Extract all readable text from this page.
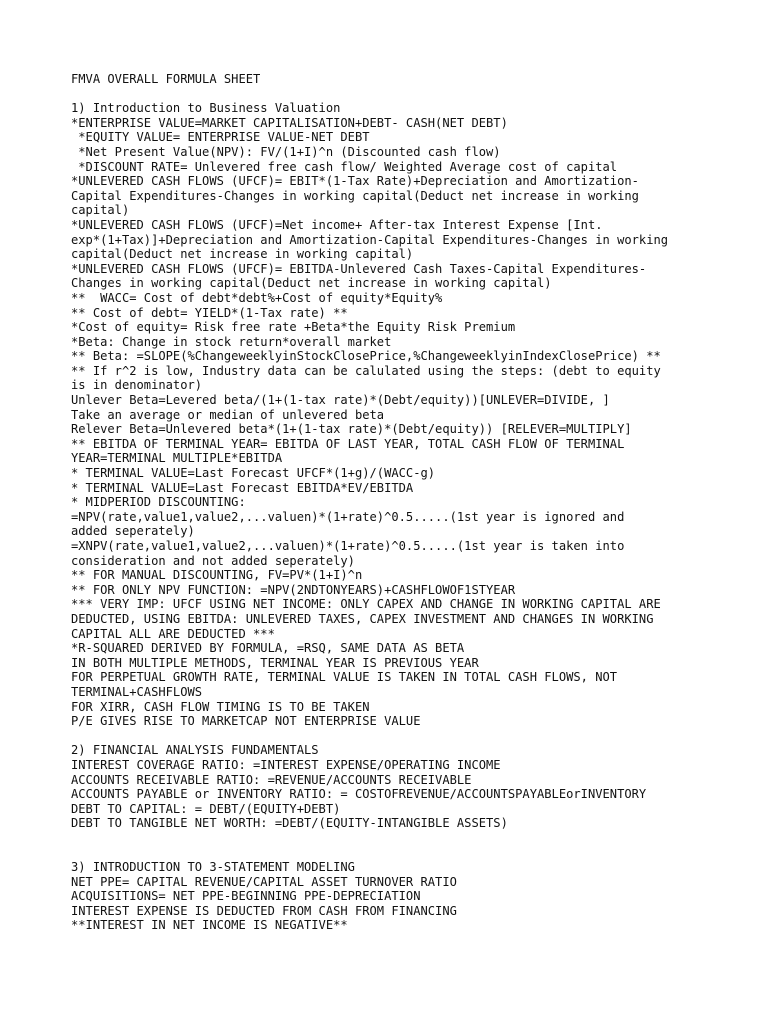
FMVA OVERALL FORMULA SHEET
1) Introduction to Business Valuation
*ENTERPRISE VALUE=MARKET CAPITALISATION+DEBT- CASH(NET DEBT)
*EQUITY VALUE= ENTERPRISE VALUE-NET DEBT
*Net Present Value(NPV): FV/(1+I)^n (Discounted cash flow)
*DISCOUNT RATE= Unlevered free cash flow/ Weighted Average cost of capital
*UNLEVERED CASH FLOWS (UFCF)= EBIT*(1-Tax Rate)+Depreciation and Amortization-
Capital Expenditures-Changes in working capital(Deduct net increase in working
capital)
*UNLEVERED CASH FLOWS (UFCF)=Net income+ After-tax Interest Expense [Int.
exp*(1+Tax)]+Depreciation and Amortization-Capital Expenditures-Changes in working
capital(Deduct net increase in working capital)
*UNLEVERED CASH FLOWS (UFCF)= EBITDA-Unlevered Cash Taxes-Capital Expenditures-
Changes in working capital(Deduct net increase in working capital)
**  WACC= Cost of debt*debt%+Cost of equity*Equity%
** Cost of debt= YIELD*(1-Tax rate) **
*Cost of equity= Risk free rate +Beta*the Equity Risk Premium
*Beta: Change in stock return*overall market
** Beta: =SLOPE(%ChangeweeklyinStockClosePrice,%ChangeweeklyinIndexClosePrice) **
** If r^2 is low, Industry data can be calulated using the steps: (debt to equity
is in denominator)
Unlever Beta=Levered beta/(1+(1-tax rate)*(Debt/equity))[UNLEVER=DIVIDE, ]
Take an average or median of unlevered beta
Relever Beta=Unlevered beta*(1+(1-tax rate)*(Debt/equity)) [RELEVER=MULTIPLY]
** EBITDA OF TERMINAL YEAR= EBITDA OF LAST YEAR, TOTAL CASH FLOW OF TERMINAL
YEAR=TERMINAL MULTIPLE*EBITDA
* TERMINAL VALUE=Last Forecast UFCF*(1+g)/(WACC-g)
* TERMINAL VALUE=Last Forecast EBITDA*EV/EBITDA
* MIDPERIOD DISCOUNTING:
=NPV(rate,value1,value2,...valuen)*(1+rate)^0.5.....(1st year is ignored and
added seperately)
=XNPV(rate,value1,value2,...valuen)*(1+rate)^0.5.....(1st year is taken into
consideration and not added seperately)
** FOR MANUAL DISCOUNTING, FV=PV*(1+I)^n
** FOR ONLY NPV FUNCTION: =NPV(2NDTONYEARS)+CASHFLOWOF1STYEAR
*** VERY IMP: UFCF USING NET INCOME: ONLY CAPEX AND CHANGE IN WORKING CAPITAL ARE
DEDUCTED, USING EBITDA: UNLEVERED TAXES, CAPEX INVESTMENT AND CHANGES IN WORKING
CAPITAL ALL ARE DEDUCTED ***
*R-SQUARED DERIVED BY FORMULA, =RSQ, SAME DATA AS BETA
IN BOTH MULTIPLE METHODS, TERMINAL YEAR IS PREVIOUS YEAR
FOR PERPETUAL GROWTH RATE, TERMINAL VALUE IS TAKEN IN TOTAL CASH FLOWS, NOT
TERMINAL+CASHFLOWS
FOR XIRR, CASH FLOW TIMING IS TO BE TAKEN
P/E GIVES RISE TO MARKETCAP NOT ENTERPRISE VALUE
2) FINANCIAL ANALYSIS FUNDAMENTALS
INTEREST COVERAGE RATIO: =INTEREST EXPENSE/OPERATING INCOME
ACCOUNTS RECEIVABLE RATIO: =REVENUE/ACCOUNTS RECEIVABLE
ACCOUNTS PAYABLE or INVENTORY RATIO: = COSTOFREVENUE/ACCOUNTSPAYABLEorINVENTORY
DEBT TO CAPITAL: = DEBT/(EQUITY+DEBT)
DEBT TO TANGIBLE NET WORTH: =DEBT/(EQUITY-INTANGIBLE ASSETS)
3) INTRODUCTION TO 3-STATEMENT MODELING
NET PPE= CAPITAL REVENUE/CAPITAL ASSET TURNOVER RATIO
ACQUISITIONS= NET PPE-BEGINNING PPE-DEPRECIATION
INTEREST EXPENSE IS DEDUCTED FROM CASH FROM FINANCING
**INTEREST IN NET INCOME IS NEGATIVE**
